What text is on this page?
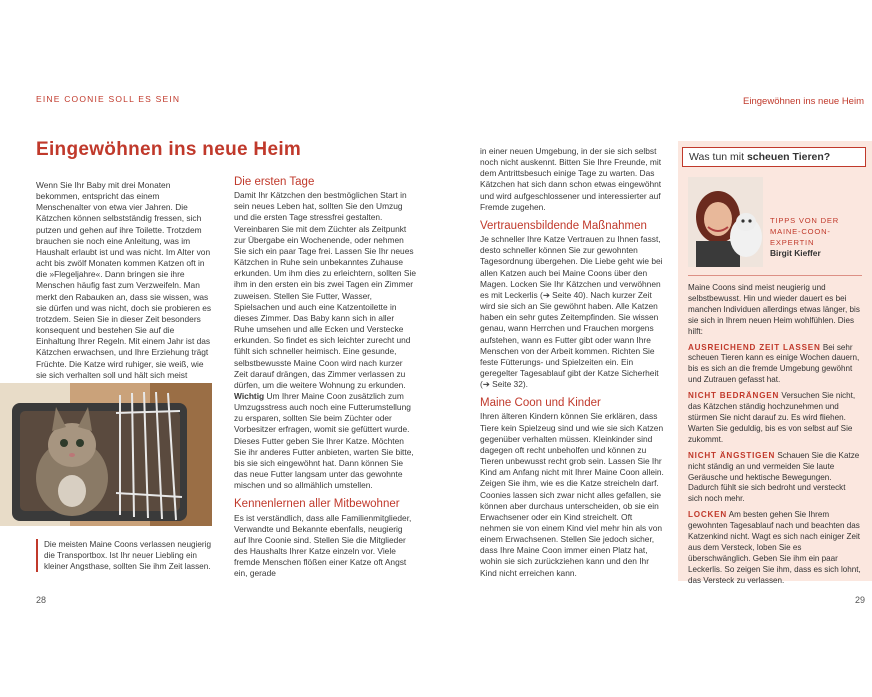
EINE COONIE SOLL ES SEIN
Eingewöhnen ins neue Heim

Wenn Sie Ihr Baby mit drei Monaten bekommen, entspricht das einem Menschenalter von etwa vier Jahren. Die Kätzchen können selbstständig fressen, sich putzen und gehen auf ihre Toilette. Trotzdem brauchen sie noch eine Anleitung, was im Haushalt erlaubt ist und was nicht. Im Alter von acht bis zwölf Monaten kommen Katzen oft in die »Flegeljahre«. Dann bringen sie ihre Menschen häufig fast zum Verzweifeln. Man merkt den Rabauken an, dass sie wissen, was sie dürfen und was nicht, doch sie probieren es trotzdem. Seien Sie in dieser Zeit besonders konsequent und bestehen Sie auf die Einhaltung Ihrer Regeln. Mit einem Jahr ist das Kätzchen erwachsen, und Ihre Erziehung trägt Früchte. Die Katze wird ruhiger, sie weiß, wie sie sich verhalten soll und hält sich meist

Die meisten Maine Coons verlassen neugierig die Transportbox. Ist Ihr neuer Liebling ein kleiner Angsthase, sollten Sie ihm Zeit lassen.
28
Die ersten Tage

Damit Ihr Kätzchen den bestmöglichen Start in sein neues Leben hat, sollten Sie den Umzug und die ersten Tage stressfrei gestalten. Vereinbaren Sie mit dem Züchter als Zeitpunkt zur Übergabe ein Wochenende, oder nehmen Sie sich ein paar Tage frei. Lassen Sie Ihr neues Kätzchen in Ruhe sein unbekanntes Zuhause erkunden. Um ihm dies zu erleichtern, sollten Sie ihm in den ersten ein bis zwei Tagen ein Zimmer zuweisen. Stellen Sie Futter, Wasser, Spielsachen und auch eine Katzentoilette in dieses Zimmer. Das Baby kann sich in aller Ruhe umsehen und alle Ecken und Verstecke erkunden. So findet es sich leichter zurecht und fühlt sich schneller heimisch. Eine gesunde, selbstbewusste Maine Coon wird nach kurzer Zeit darauf drängen, das Zimmer verlassen zu dürfen, um die weitere Wohnung zu erkunden.

Wichtig Um Ihrer Maine Coon zusätzlich zum Umzugsstress auch noch eine Futterumstellung zu ersparen, sollten Sie beim Züchter oder Vorbesitzer erfragen, womit sie gefüttert wurde. Dieses Futter geben Sie Ihrer Katze. Möchten Sie ihr anderes Futter anbieten, warten Sie bitte, bis sie sich eingewöhnt hat. Dann können Sie das neue Futter langsam unter das gewohnte mischen und so allmählich umstellen.

Kennenlernen aller Mitbewohner

Es ist verständlich, dass alle Familienmitglieder, Verwandte und Bekannte ebenfalls, neugierig auf Ihre Coonie sind. Stellen Sie die Mitglieder des Haushalts Ihrer Katze einzeln vor. Viele fremde Menschen flößen einer Katze oft Angst ein, gerade

Eingewöhnen ins neue Heim

in einer neuen Umgebung, in der sie sich selbst noch nicht auskennt. Bitten Sie Ihre Freunde, mit dem Antrittsbesuch einige Tage zu warten. Das Kätzchen hat sich dann schon etwas eingewöhnt und wird aufgeschlossener und interessierter auf Fremde zugehen.

Vertrauensbildende Maßnahmen

Je schneller Ihre Katze Vertrauen zu Ihnen fasst, desto schneller können Sie zur gewohnten Tagesordnung übergehen. Die Liebe geht wie bei allen Katzen auch bei Maine Coons über den Magen. Locken Sie Ihr Kätzchen und verwöhnen es mit Leckerlis (➔ Seite 40). Nach kurzer Zeit wird sie sich an Sie gewöhnt haben. Alle Katzen haben ein sehr gutes Zeitempfinden. Sie wissen genau, wann Herrchen und Frauchen morgens aufstehen, wann es Futter gibt oder wann Ihre Menschen von der Arbeit kommen. Richten Sie feste Fütterungs- und Spielzeiten ein. Ein geregelter Tagesablauf gibt der Katze Sicherheit (➔ Seite 32).

Maine Coon und Kinder

Ihren älteren Kindern können Sie erklären, dass Tiere kein Spielzeug sind und wie sie sich Katzen gegenüber verhalten müssen. Kleinkinder sind dagegen oft recht unbeholfen und können zu Tieren unbewusst recht grob sein. Lassen Sie Ihr Kind am Anfang nicht mit Ihrer Maine Coon allein. Zeigen Sie ihm, wie es die Katze streicheln darf. Coonies lassen sich zwar nicht alles gefallen, sie können aber durchaus unterscheiden, ob sie ein Erwachsener oder ein Kind streichelt. Oft nehmen sie von einem Kind viel mehr hin als von einem Erwachsenen. Stellen Sie jedoch sicher, dass Ihre Maine Coon immer einen Platz hat, wohin sie sich zurückziehen kann und den Ihr Kind nicht erreichen kann.

Was tun mit scheuen Tieren?
TIPPS VON DER MAINE-COON-EXPERTIN
Birgit Kieffer

Maine Coons sind meist neugierig und selbstbewusst. Hin und wieder dauert es bei manchen Individuen allerdings etwas länger, bis sie sich in Ihrem neuen Heim wohlfühlen. Dies hilft:

AUSREICHEND ZEIT LASSEN Bei sehr scheuen Tieren kann es einige Wochen dauern, bis es sich an die fremde Umgebung gewöhnt und Zutrauen gefasst hat.

NICHT BEDRÄNGEN Versuchen Sie nicht, das Kätzchen ständig hochzunehmen und stürmen Sie nicht darauf zu. Es wird fliehen. Warten Sie geduldig, bis es von selbst auf Sie zukommt.

NICHT ÄNGSTIGEN Schauen Sie die Katze nicht ständig an und vermeiden Sie laute Geräusche und hektische Bewegungen. Dadurch fühlt sie sich bedroht und versteckt sich noch mehr.

LOCKEN Am besten gehen Sie Ihrem gewohnten Tagesablauf nach und beachten das Katzenkind nicht. Wagt es sich nach einiger Zeit aus dem Versteck, loben Sie es überschwänglich. Geben Sie ihm ein paar Leckerlis. So zeigen Sie ihm, dass es sich lohnt, das Versteck zu verlassen.

29
